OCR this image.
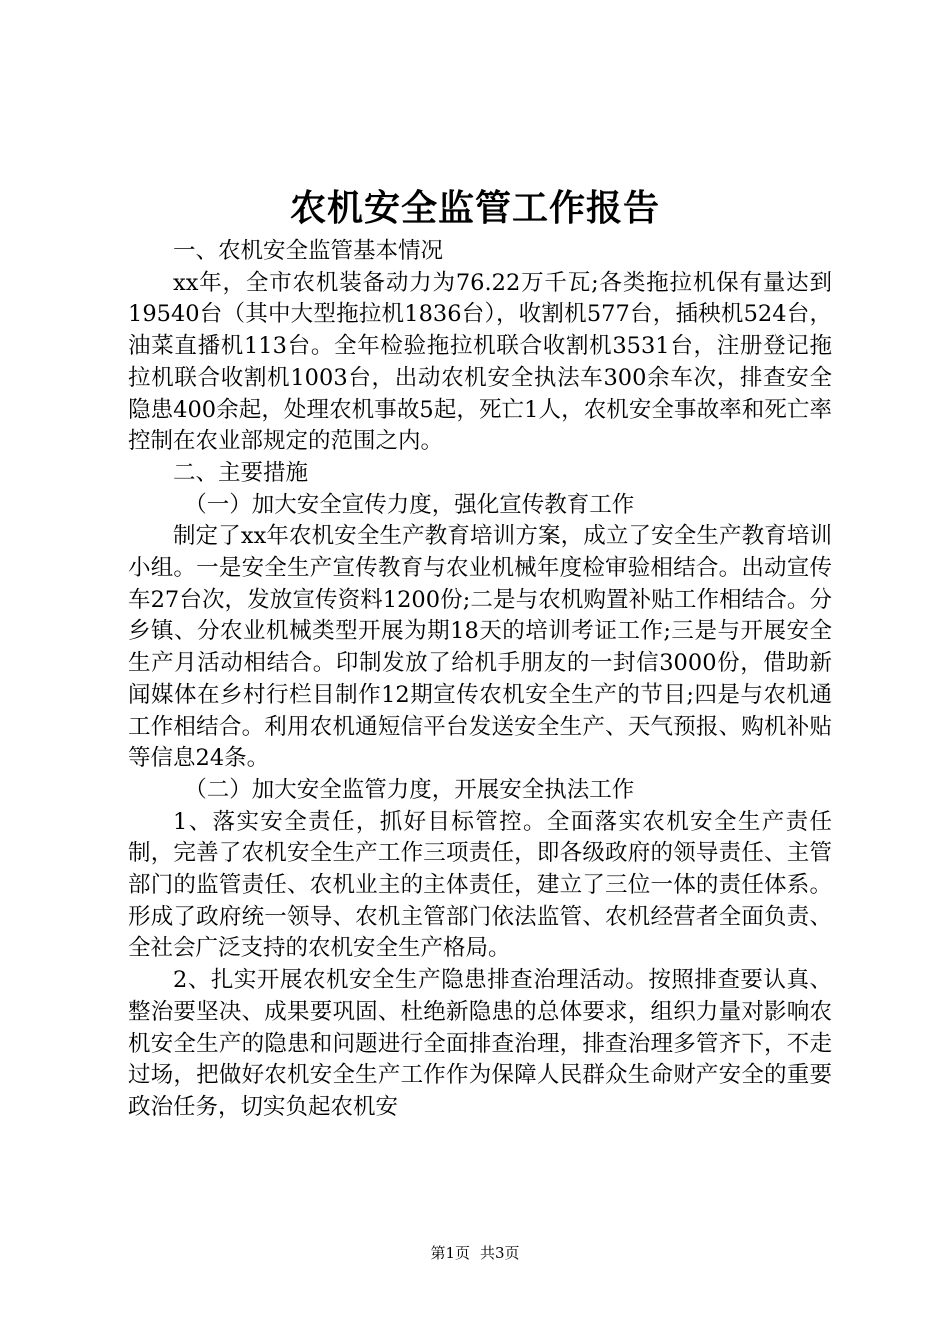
农机安全监管工作报告

一、农机安全监管基本情况

xx年，全市农机装备动力为76.22万千瓦;各类拖拉机保有量达到19540台（其中大型拖拉机1836台），收割机577台，插秧机524台，油菜直播机113台。全年检验拖拉机联合收割机3531台，注册登记拖拉机联合收割机1003台，出动农机安全执法车300余车次，排查安全隐患400余起，处理农机事故5起，死亡1人，农机安全事故率和死亡率控制在农业部规定的范围之内。

二、主要措施

（一）加大安全宣传力度，强化宣传教育工作

制定了xx年农机安全生产教育培训方案，成立了安全生产教育培训小组。一是安全生产宣传教育与农业机械年度检审验相结合。出动宣传车27台次，发放宣传资料1200份;二是与农机购置补贴工作相结合。分乡镇、分农业机械类型开展为期18天的培训考证工作;三是与开展安全生产月活动相结合。印制发放了给机手朋友的一封信3000份，借助新闻媒体在乡村行栏目制作12期宣传农机安全生产的节目;四是与农机通工作相结合。利用农机通短信平台发送安全生产、天气预报、购机补贴等信息24条。

（二）加大安全监管力度，开展安全执法工作

1、落实安全责任，抓好目标管控。全面落实农机安全生产责任制，完善了农机安全生产工作三项责任，即各级政府的领导责任、主管部门的监管责任、农机业主的主体责任，建立了三位一体的责任体系。形成了政府统一领导、农机主管部门依法监管、农机经营者全面负责、全社会广泛支持的农机安全生产格局。

2、扎实开展农机安全生产隐患排查治理活动。按照排查要认真、整治要坚决、成果要巩固、杜绝新隐患的总体要求，组织力量对影响农机安全生产的隐患和问题进行全面排查治理，排查治理多管齐下，不走过场，把做好农机安全生产工作作为保障人民群众生命财产安全的重要政治任务，切实负起农机安

第1页 共3页
